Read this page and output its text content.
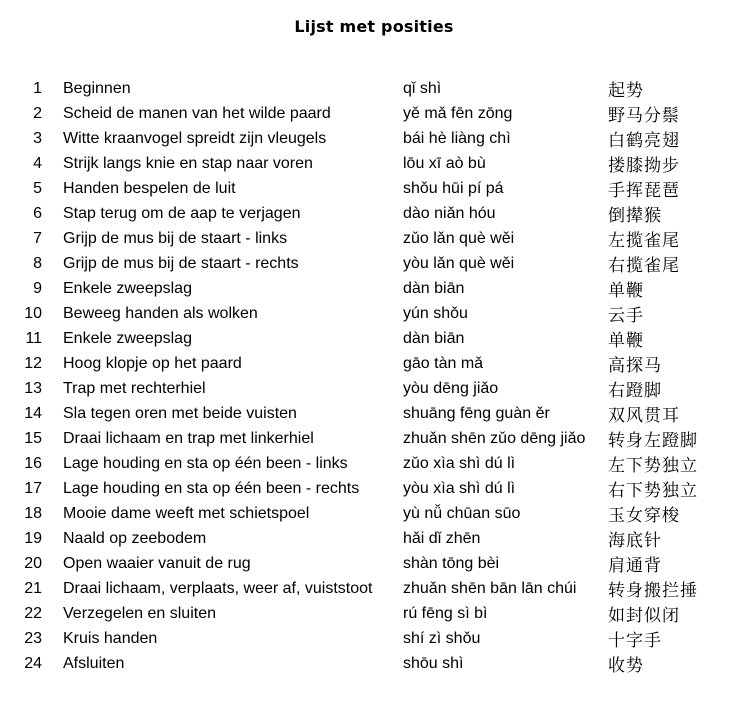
Lijst met posities
1 Beginnen	qǐ shì	起势
2 Scheid de manen van het wilde paard	yě mǎ fēn zōng	野马分鬃
3 Witte kraanvogel spreidt zijn vleugels	bái hè liàng chì	白鹤亮翅
4 Strijk langs knie en stap naar voren	lōu xī aò bù	搂膝拗步
5 Handen bespelen de luit	shǒu hūi pí pá	手挥琵琶
6 Stap terug om de aap te verjagen	dào niǎn hóu	倒撵猴
7 Grijp de mus bij de staart - links	zǔo lǎn què wěi	左揽雀尾
8 Grijp de mus bij de staart - rechts	yòu lǎn què wěi	右揽雀尾
9 Enkele zweepslag	dàn biān	单鞭
10 Beweeg handen als wolken	yún shǒu	云手
11 Enkele zweepslag	dàn biān	单鞭
12 Hoog klopje op het paard	gāo tàn mǎ	高探马
13 Trap met rechterhiel	yòu dēng jiǎo	右蹬脚
14 Sla tegen oren met beide vuisten	shuāng fēng guàn ěr	双风贯耳
15 Draai lichaam en trap met linkerhiel	zhuǎn shēn zǔo dēng jiǎo 转身左蹬脚
16 Lage houding en sta op één been - links	zǔo xìa shì dú lì	左下势独立
17 Lage houding en sta op één been - rechts	yòu xìa shì dú lì	右下势独立
18 Mooie dame weeft met schietspoel	yù nǚ chūan sūo	玉女穿梭
19 Naald op zeebodem	hǎi dǐ zhēn	海底针
20 Open waaier vanuit de rug	shàn tōng bèi	肩通背
21 Draai lichaam, verplaats, weer af, vuiststoot zhuǎn shēn bān lān chúi 转身搬拦捶
22 Verzegelen en sluiten	rú fēng sì bì	如封似闭
23 Kruis handen	shí zì shǒu	十字手
24 Afsluiten	shōu shì	收势
